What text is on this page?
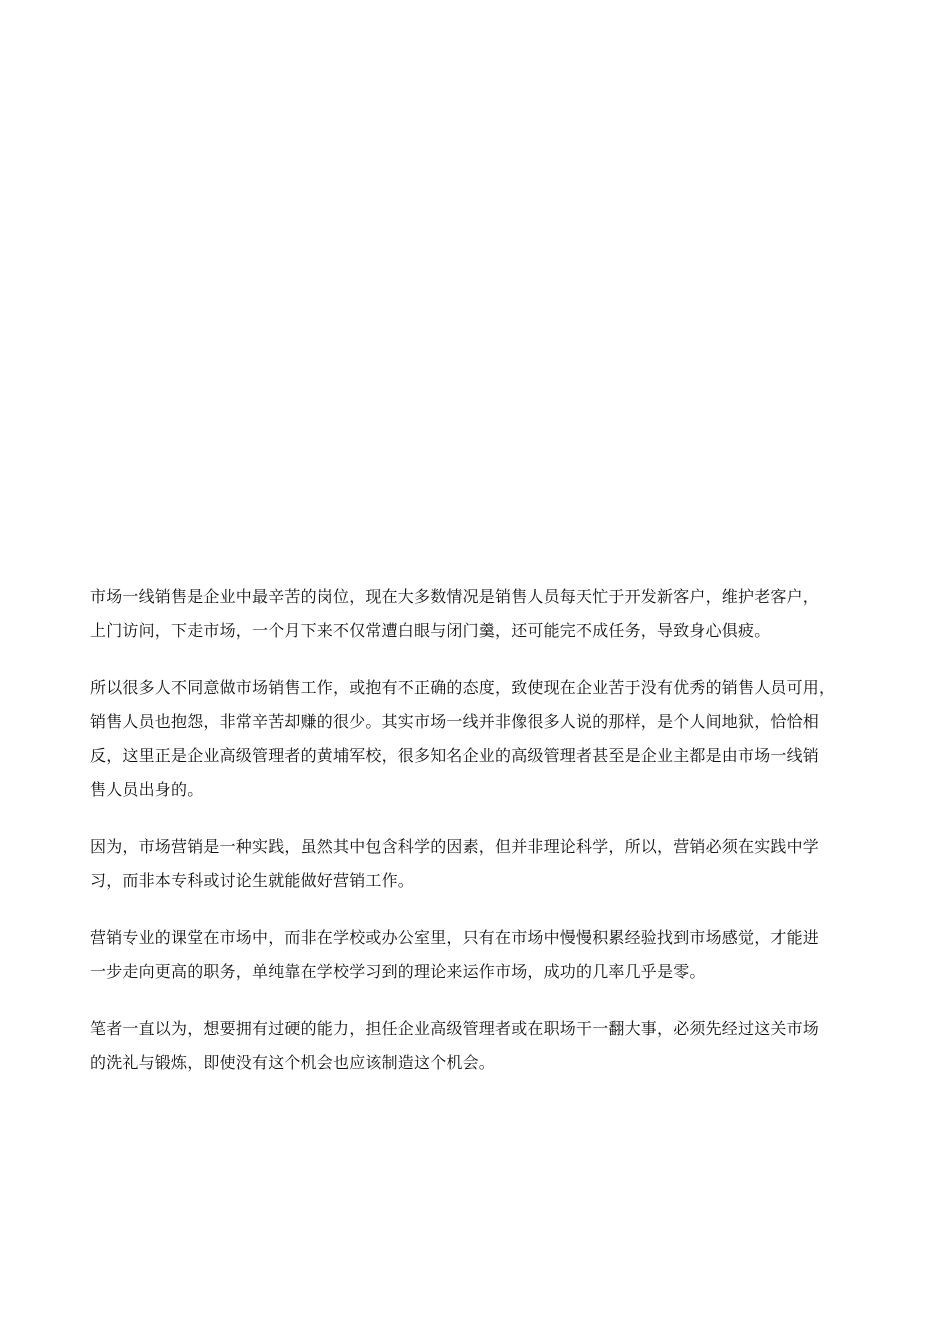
市场一线销售是企业中最辛苦的岗位，现在大多数情况是销售人员每天忙于开发新客户，维护老客户，
上门访问，下走市场，一个月下来不仅常遭白眼与闭门羹，还可能完不成任务，导致身心俱疲。

所以很多人不同意做市场销售工作，或抱有不正确的态度，致使现在企业苦于没有优秀的销售人员可用，
销售人员也抱怨，非常辛苦却赚的很少。其实市场一线并非像很多人说的那样，是个人间地狱，恰恰相
反，这里正是企业高级管理者的黄埔军校，很多知名企业的高级管理者甚至是企业主都是由市场一线销
售人员出身的。

因为，市场营销是一种实践，虽然其中包含科学的因素，但并非理论科学，所以，营销必须在实践中学
习，而非本专科或讨论生就能做好营销工作。

营销专业的课堂在市场中，而非在学校或办公室里，只有在市场中慢慢积累经验找到市场感觉，才能进
一步走向更高的职务，单纯靠在学校学习到的理论来运作市场，成功的几率几乎是零。

笔者一直以为，想要拥有过硬的能力，担任企业高级管理者或在职场干一翻大事，必须先经过这关市场
的洗礼与锻炼，即使没有这个机会也应该制造这个机会。
